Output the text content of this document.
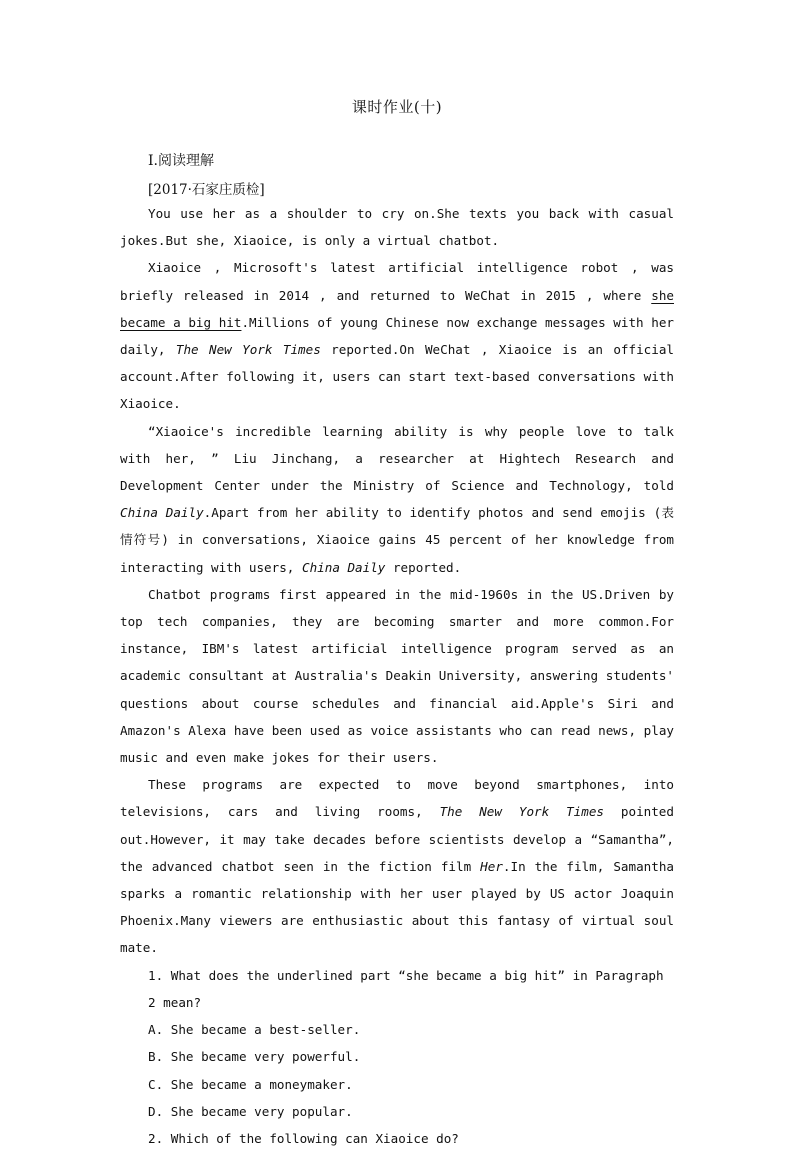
课时作业(十)
Ⅰ.阅读理解
[2017·石家庄质检]

You use her as a shoulder to cry on.She texts you back with casual jokes.But she, Xiaoice, is only a virtual chatbot.

Xiaoice , Microsoft's latest artificial intelligence robot , was briefly released in 2014 , and returned to WeChat in 2015 , where she became a big hit.Millions of young Chinese now exchange messages with her daily, The New York Times reported.On WeChat , Xiaoice is an official account.After following it, users can start text-based conversations with Xiaoice.

“Xiaoice's incredible learning ability is why people love to talk with her, ” Liu Jinchang, a researcher at Hightech Research and Development Center under the Ministry of Science and Technology, told China Daily.Apart from her ability to identify photos and send emojis (表情符号) in conversations, Xiaoice gains 45 percent of her knowledge from interacting with users, China Daily reported.

Chatbot programs first appeared in the mid-1960s in the US.Driven by top tech companies, they are becoming smarter and more common.For instance, IBM's latest artificial intelligence program served as an academic consultant at Australia's Deakin University, answering students' questions about course schedules and financial aid.Apple's Siri and Amazon's Alexa have been used as voice assistants who can read news, play music and even make jokes for their users.

These programs are expected to move beyond smartphones, into televisions, cars and living rooms, The New York Times pointed out.However, it may take decades before scientists develop a “Samantha”, the advanced chatbot seen in the fiction film Her.In the film, Samantha sparks a romantic relationship with her user played by US actor Joaquin Phoenix.Many viewers are enthusiastic about this fantasy of virtual soul mate.

1. What does the underlined part “she became a big hit” in Paragraph 2 mean?

A. She became a best-seller.

B. She became very powerful.

C. She became a moneymaker.

D. She became very popular.

2. Which of the following can Xiaoice do?
